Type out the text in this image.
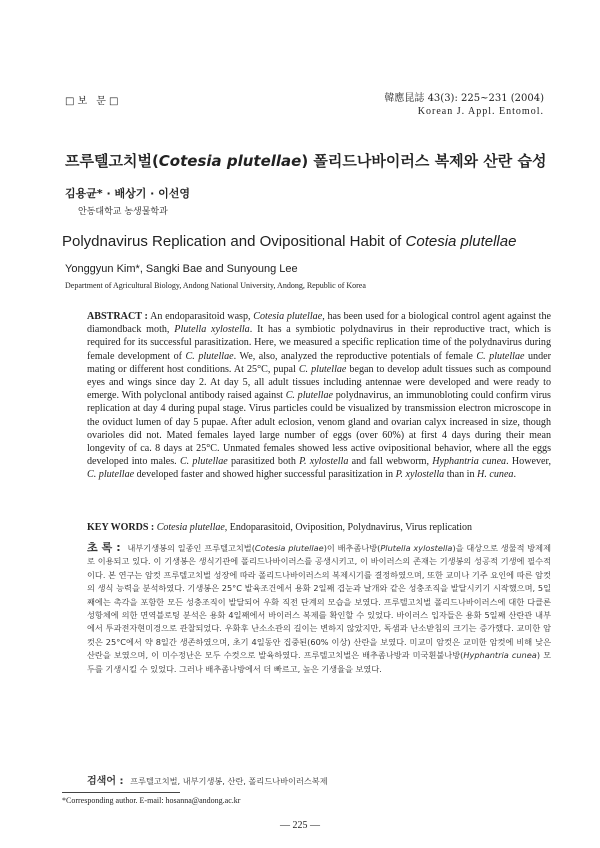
□보 문□	韓應昆誌 43(3): 225~231 (2004)
Korean J. Appl. Entomol.
프루텔고치벌(Cotesia plutellae) 폴리드나바이러스 복제와 산란 습성
김용균* · 배상기 · 이선영
안동대학교 농생물학과
Polydnavirus Replication and Ovipositional Habit of Cotesia plutellae
Yonggyun Kim*, Sangki Bae and Sunyoung Lee
Department of Agricultural Biology, Andong National University, Andong, Republic of Korea
ABSTRACT : An endoparasitoid wasp, Cotesia plutellae, has been used for a biological control agent against the diamondback moth, Plutella xylostella. It has a symbiotic polydnavirus in their reproductive tract, which is required for its successful parasitization. Here, we measured a specific replication time of the polydnavirus during female development of C. plutellae. We, also, analyzed the reproductive potentials of female C. plutellae under mating or different host conditions. At 25°C, pupal C. plutellae began to develop adult tissues such as compound eyes and wings since day 2. At day 5, all adult tissues including antennae were developed and were ready to emerge. With polyclonal antibody raised against C. plutellae polydnavirus, an immunobloting could confirm virus replication at day 4 during pupal stage. Virus particles could be visualized by transmission electron microscope in the oviduct lumen of day 5 pupae. After adult eclosion, venom gland and ovarian calyx increased in size, though ovarioles did not. Mated females layed large number of eggs (over 60%) at first 4 days during their mean longevity of ca. 8 days at 25°C. Unmated females showed less active ovipositional behavior, where all the eggs developed into males. C. plutellae parasitized both P. xylostella and fall webworm, Hyphantria cunea. However, C. plutellae developed faster and showed higher successful parasitization in P. xylostella than in H. cunea.
KEY WORDS : Cotesia plutellae, Endoparasitoid, Oviposition, Polydnavirus, Virus replication
초 록 : 내부기생봉의 일종인 프루텔고치벌(Cotesia plutellae)이 배추좀나방(Plutella xylostella)을 대상으로 생물적 방제제로 이용되고 있다. 이 기생봉은 생식기관에 폴리드나바이러스를 공생시키고, 이 바이러스의 존재는 기생봉의 성공적 기생에 필수적이다. 본 연구는 암컷 프루텔고치벌 성장에 따라 폴리드나바이러스의 복제시기를 결정하였으며, 또한 교미나 기주 요인에 따른 암컷의 생식 능력을 분석하였다. 기생봉은 25°C 발육조건에서 용화 2일째 겹눈과 날개와 같은 성충조직을 발달시키기 시작했으며, 5일째에는 촉각을 포함한 모든 성충조직이 발달되어 우화 직전 단계의 모습을 보였다. 프루텔고치벌 폴리드나바이러스에 대한 다클론성항체에 의한 면역블로팅 분석은 용화 4일째에서 바이러스 복제를 확인할 수 있었다. 바이러스 입자들은 용화 5일째 산란관 내부에서 투과전자현미경으로 관찰되었다. 우화후 난소소관의 길이는 변하지 않았지만, 독샘과 난소받침의 크기는 증가했다. 교미한 암컷은 25°C에서 약 8일간 생존하였으며, 초기 4일동안 집중된(60% 이상) 산란을 보였다. 미교미 암컷은 교미한 암컷에 비해 낮은 산란을 보였으며, 이 미수정난은 모두 수컷으로 발육하였다. 프루텔고치벌은 배추좀나방과 미국흰불나방(Hyphantria cunea) 모두를 기생시킬 수 있었다. 그러나 배추좀나방에서 더 빠르고, 높은 기생율을 보였다.
검색어 : 프루텔고치벌, 내부기생봉, 산란, 폴리드나바이러스복제
*Corresponding author. E-mail: hosanna@andong.ac.kr
— 225 —
